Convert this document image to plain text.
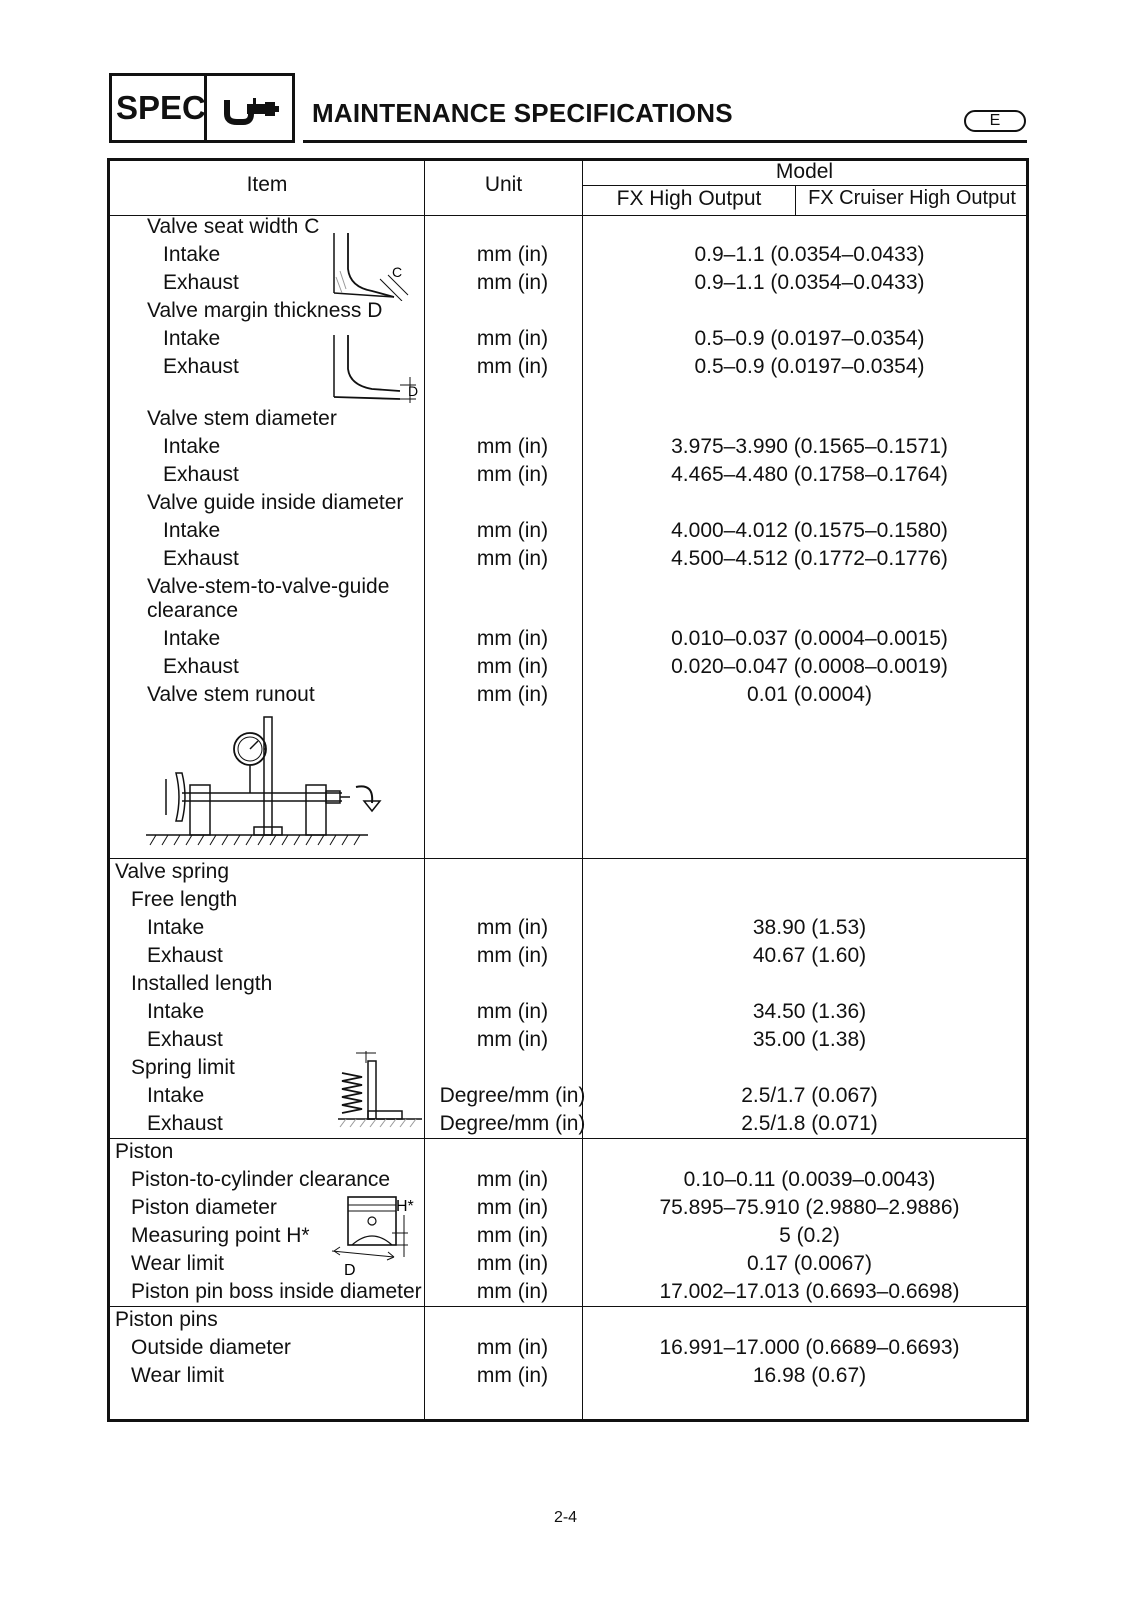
SPEC	MAINTENANCE SPECIFICATIONS	E
Item	Unit
Model
FX High Output	FX Cruiser High Output
Valve seat width C
Intake	mm (in)	0.9–1.1 (0.0354–0.0433)
Exhaust	mm (in)	0.9–1.1 (0.0354–0.0433)
Valve margin thickness D
Intake	mm (in)	0.5–0.9 (0.0197–0.0354)
Exhaust	mm (in)	0.5–0.9 (0.0197–0.0354)
Valve stem diameter
Intake	mm (in)	3.975–3.990 (0.1565–0.1571)
Exhaust	mm (in)	4.465–4.480 (0.1758–0.1764)
Valve guide inside diameter
Intake	mm (in)	4.000–4.012 (0.1575–0.1580)
Exhaust	mm (in)	4.500–4.512 (0.1772–0.1776)
Valve-stem-to-valve-guide
clearance
Intake	mm (in)	0.010–0.037 (0.0004–0.0015)
Exhaust	mm (in)	0.020–0.047 (0.0008–0.0019)
Valve stem runout	mm (in)	0.01 (0.0004)
Valve spring
Free length
Intake	mm (in)	38.90 (1.53)
Exhaust	mm (in)	40.67 (1.60)
Installed length
Intake	mm (in)	34.50 (1.36)
Exhaust	mm (in)	35.00 (1.38)
Spring limit
Intake	Degree/mm (in)	2.5/1.7 (0.067)
Exhaust	Degree/mm (in)	2.5/1.8 (0.071)
Piston
Piston-to-cylinder clearance	mm (in)	0.10–0.11 (0.0039–0.0043)
Piston diameter	mm (in)	75.895–75.910 (2.9880–2.9886)
Measuring point H*	mm (in)	5 (0.2)
Wear limit	mm (in)	0.17 (0.0067)
Piston pin boss inside diameter	mm (in)	17.002–17.013 (0.6693–0.6698)
Piston pins
Outside diameter	mm (in)	16.991–17.000 (0.6689–0.6693)
Wear limit	mm (in)	16.98 (0.67)
C
D
H*
D
2-4
